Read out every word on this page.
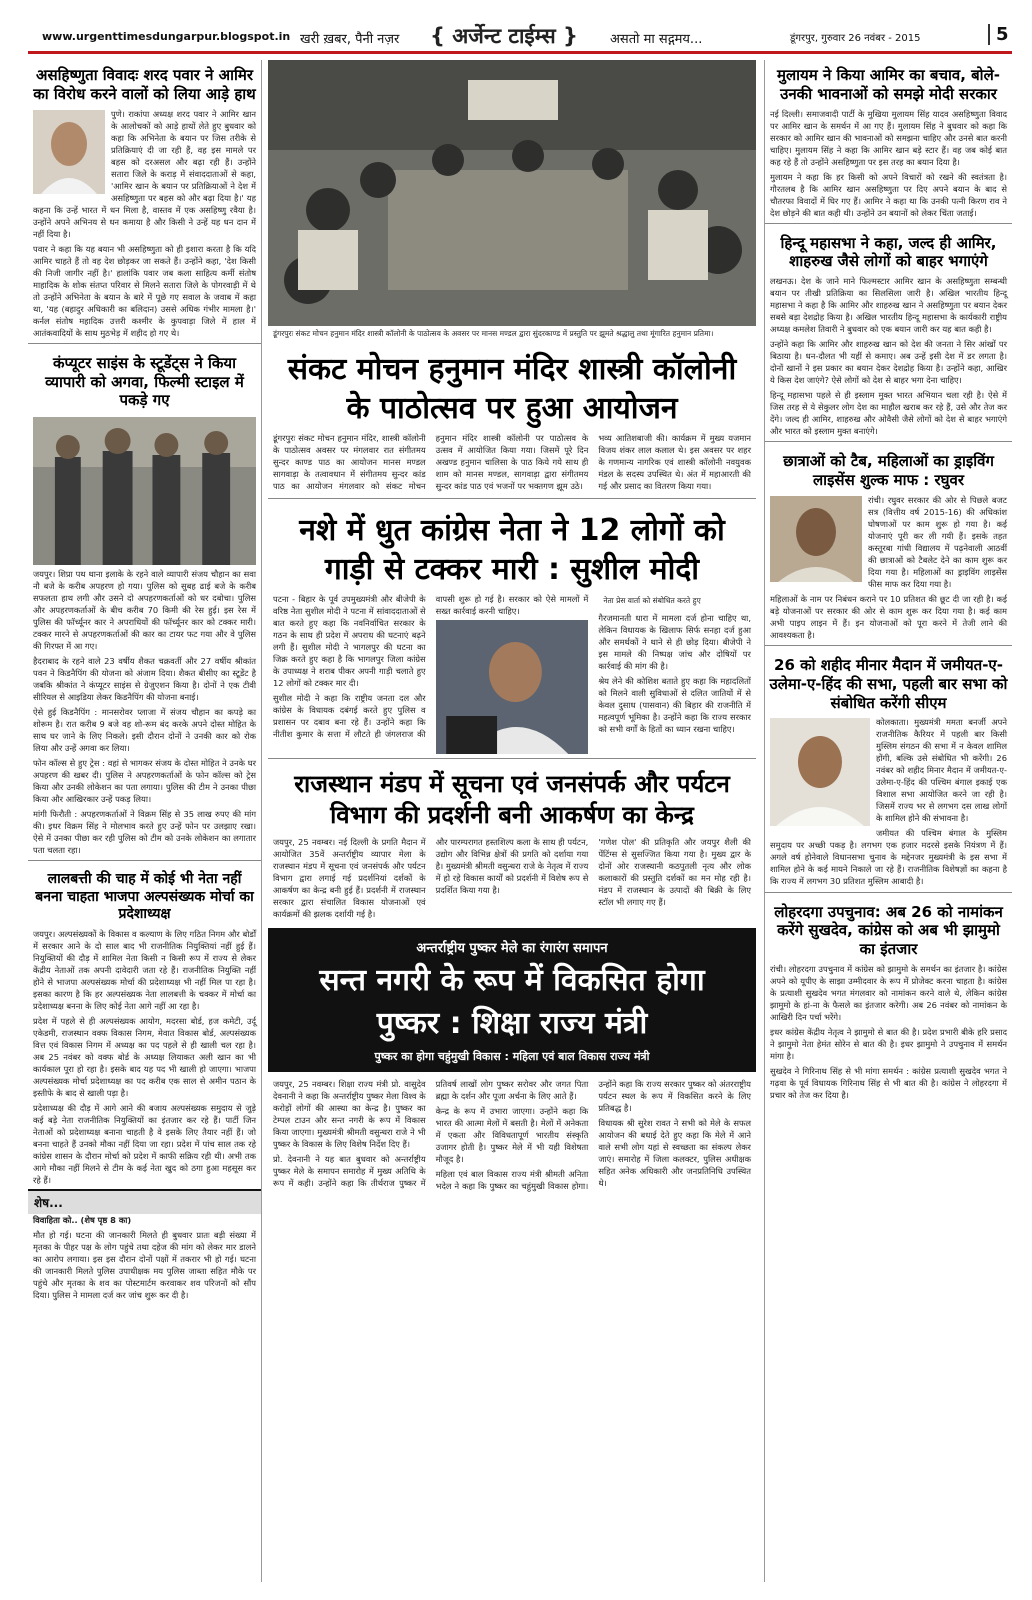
www.urgenttimesdungarpur.blogspot.in खरी ख़बर, पैनी नज़र { अर्जेन्ट टाईम्स } असतो मा सद्गमय...	डूंगरपुर, गुरुवार 26 नवंबर - 2015	5
असहिष्णुता विवादः शरद पवार ने आमिर का विरोध करने वालों को लिया आड़े हाथ

पुणे। राकांपा अध्यक्ष शरद पवार ने आमिर खान के आलोचकों को आड़े हाथों लेते हुए बुधवार को कहा कि अभिनेता के बयान पर जिस तरीके से प्रतिक्रियाएं दी जा रही हैं, वह इस मामले पर बहस को दरअसल और बढ़ा रही हैं। उन्होंने सतारा जिले के कराड़ में संवाददाताओं से कहा, 'आमिर खान के बयान पर प्रतिक्रियाओं ने देश में असहिष्णुता पर बहस को और बढ़ा दिया है।' यह कहना कि उन्हें भारत में धन मिला है, वास्तव में एक असहिष्णु रवैया है। उन्होंने अपने अभिनय से धन कमाया है और किसी ने उन्हें यह धन दान में नहीं दिया है।

पवार ने कहा कि यह बयान भी असहिष्णुता को ही इशारा करता है कि यदि आमिर चाहते हैं तो वह देश छोड़कर जा सकते हैं। उन्होंने कहा, 'देश किसी की निजी जागीर नहीं है।' हालांकि पवार जब कला साहित्य कर्मी संतोष माहादिक के शोक संतप्त परिवार से मिलने सतारा जिले के पोगरवाड़ी में थे तो उन्होंने अभिनेता के बयान के बारे में पूछे गए सवाल के जवाब में कहा था, 'यह (बहादुर अधिकारी का बलिदान) उससे अधिक गंभीर मामला है।' कर्नल संतोष महादिक उत्तरी कश्मीर के कुपवाड़ा जिले में हाल में आतंकवादियों के साथ मुठभेड़ में शहीद हो गए थे।

कंप्यूटर साइंस के स्टूडेंट्स ने किया व्यापारी को अगवा, फिल्मी स्टाइल में पकड़े गए

जयपुर। शिप्रा पथ थाना इलाके के रहने वाले व्यापारी संजय चौहान का सवा नौ बजे के करीब अपहरण हो गया। पुलिस को सुबह ढाई बजे के करीब सफलता हाथ लगी और उसने दो अपहरणकर्ताओं को धर दबोचा। पुलिस और अपहरणकर्ताओं के बीच करीब 70 किमी की रेस हुई। इस रेस में पुलिस की फॉर्च्यूनर कार ने अपराधियों की फॉर्च्यूनर कार को टक्कर मारी। टक्कर मारने से अपहरणकर्ताओं की कार का टायर फट गया और वे पुलिस की गिरफ्त में आ गए।

हैदराबाद के रहने वाले 23 वर्षीय शैकत चक्रवर्ती और 27 वर्षीय श्रीकांत पवन ने किडनैपिंग की योजना को अंजाम दिया। शैकत बीसीए का स्टूडेंट है जबकि श्रीकांत ने कंप्यूटर साइंस से ग्रेजुएशन किया है। दोनों ने एक टीवी सीरियल से आइडिया लेकर किडनैपिंग की योजना बनाई।

ऐसे हुई किडनैपिंग : मानसरोवर प्लाजा में संजय चौहान का कपड़े का शोरूम है। रात करीब 9 बजे वह शो-रूम बंद करके अपने दोस्त मोहित के साथ घर जाने के लिए निकले। इसी दौरान दोनों ने उनकी कार को रोक लिया और उन्हें अगवा कर लिया।

फोन कॉल्स से हुए ट्रेस : वहां से भागकर संजय के दोस्त मोहित ने उनके घर अपहरण की खबर दी। पुलिस ने अपहरणकर्ताओं के फोन कॉल्स को ट्रेस किया और उनकी लोकेशन का पता लगाया। पुलिस की टीम ने उनका पीछा किया और आखिरकार उन्हें पकड़ लिया।

मांगी फिरौती : अपहरणकर्ताओं ने विक्रम सिंह से 35 लाख रुपए की मांग की। इधर विक्रम सिंह ने मोलभाव करते हुए उन्हें फोन पर उलझाए रखा। ऐसे में उनका पीछा कर रही पुलिस को टीम को उनके लोकेशन का लगातार पता चलता रहा।

लालबत्ती की चाह में कोई भी नेता नहीं बनना चाहता भाजपा अल्पसंख्यक मोर्चा का प्रदेशाध्यक्ष

जयपुर। अल्पसंख्यकों के विकास व कल्याण के लिए गठित निगम और बोर्डों में सरकार आने के दो साल बाद भी राजनीतिक नियुक्तियां नहीं हुई हैं। नियुक्तियों की दौड़ में शामिल नेता किसी न किसी रूप में राज्य से लेकर केंद्रीय नेताओं तक अपनी दावेदारी जता रहे हैं। राजनीतिक नियुक्ति नहीं होने से भाजपा अल्पसंख्यक मोर्चा की प्रदेशाध्यक्ष भी नहीं मिल पा रहा है। इसका कारण है कि हर अल्पसंख्यक नेता लालबत्ती के चक्कर में मोर्चा का प्रदेशाध्यक्ष बनना के लिए कोई नेता आगे नहीं आ रहा है।

प्रदेश में पहले से ही अल्पसंख्यक आयोग, मदरसा बोर्ड, हज कमेटी, उर्दू एकेडमी, राजस्थान वक्फ विकास निगम, मेवात विकास बोर्ड, अल्पसंख्यक वित्त एवं विकास निगम में अध्यक्ष का पद पहले से ही खाली चल रहा है। अब 25 नवंबर को वक्फ बोर्ड के अध्यक्ष लियाकत अली खान का भी कार्यकाल पूरा हो रहा है। इसके बाद यह पद भी खाली हो जाएगा। भाजपा अल्पसंख्यक मोर्चा प्रदेशाध्यक्ष का पद करीब एक साल से अमीन पठान के इस्तीफे के बाद से खाली पड़ा है।

प्रदेशाध्यक्ष की दौड़ में आगे आने की बजाय अल्पसंख्यक समुदाय से जुड़े कई बड़े नेता राजनीतिक नियुक्तियों का इंतजार कर रहे हैं। पार्टी जिन नेताओं को प्रदेशाध्यक्ष बनाना चाहती है वे इसके लिए तैयार नहीं हैं। जो बनना चाहते हैं उनको मौका नहीं दिया जा रहा। प्रदेश में पांच साल तक रहे कांग्रेस शासन के दौरान मोर्चा को प्रदेश में काफी सक्रिय रही थी। अभी तक आगे मौका नहीं मिलने से टीम के कई नेता खुद को ठगा हुआ महसूस कर रहे हैं।

शेष...

विवाहिता को.. (शेष पृष्ठ 8 का)

मौत हो गई। घटना की जानकारी मिलते ही बुधवार प्रातः बड़ी संख्या में मृतका के पीहर पक्ष के लोग पहुंचे तथा दहेज की मांग को लेकर मार डालने का आरोप लगाया। इस इस दौरान दोनों पक्षों में तकरार भी हो गई। घटना की जानकारी मिलते पुलिस उपाधीक्षक मय पुलिस जाब्ता सहित मौके पर पहुंचे और मृतका के शव का पोस्टमार्टम करवाकर शव परिजनों को सौंप दिया। पुलिस ने मामला दर्ज कर जांच शुरू कर दी है।

डूंगरपुरः संकट मोचन हनुमान मंदिर शास्त्री कॉलोनी के पाठोत्सव के अवसर पर मानस मण्डल द्वारा सुंदरकाण्ड में प्रस्तुति पर झूमते श्रद्धालु तथा मूंगारित हनुमान प्रतिमा।
संकट मोचन हनुमान मंदिर शास्त्री कॉलोनी के पाठोत्सव पर हुआ आयोजन

डूंगरपुरः संकट मोचन हनुमान मंदिर, शास्त्री कॉलोनी के पाठोत्सव अवसर पर मंगलवार रात संगीतमय सुन्दर काण्ड पाठ का आयोजन मानस मण्डल सागवाड़ा के तत्वावधान में संगीतमय सुन्दर कांड पाठ का आयोजन मंगलवार को संकट मोचन हनुमान मंदिर शास्त्री कॉलोनी पर पाठोत्सव के उत्सव में आयोजित किया गया। जिसमें पूरे दिन अखण्ड हनुमान चालिसा के पाठ किये गये साथ ही शाम को मानस मण्डल, सागवाड़ा द्वारा संगीतमय सुन्दर कांड पाठ एवं भजनों पर भक्तगण झूम उठे।

भव्य आतिशबाजी की। कार्यक्रम में मुख्य यजमान विजय शंकर लाल कलाल थे। इस अवसर पर शहर के गणमान्य नागरिक एवं शास्त्री कॉलोनी नवयुवक मंडल के सदस्य उपस्थित थे। अंत में महाआरती की गई और प्रसाद का वितरण किया गया।

नशे में धुत कांग्रेस नेता ने 12 लोगों को गाड़ी से टक्कर मारी : सुशील मोदी

पटना - बिहार के पूर्व उपमुख्यमंत्री और बीजेपी के वरिष्ठ नेता सुशील मोदी ने पटना में सांवाददाताओं से बात करते हुए कहा कि नवनिर्वाचित सरकार के गठन के साथ ही प्रदेश में अपराध की घटनाएं बढ़ने लगी हैं। सुशील मोदी ने भागलपुर की घटना का जिक्र करते हुए कहा है कि भागलपुर जिला कांग्रेस के उपाध्यक्ष ने शराब पीकर अपनी गाड़ी चलाते हुए 12 लोगों को टक्कर मार दी।

सुशील मोदी ने कहा कि राष्ट्रीय जनता दल और कांग्रेस के विधायक दबंगई करते हुए पुलिस व प्रशासन पर दबाव बना रहे हैं। उन्होंने कहा कि नीतीश कुमार के सत्ता में लौटते ही जंगलराज की वापसी शुरू हो गई है। सरकार को ऐसे मामलों में सख्त कार्रवाई करनी चाहिए।

नेता प्रेस वार्ता को संबोधित करते हुए

गैरजमानती धारा में मामला दर्ज होना चाहिए था, लेकिन विधायक के खिलाफ सिर्फ सनहा दर्ज हुआ और समर्थकों ने थाने से ही छोड़ दिया। बीजेपी ने इस मामले की निष्पक्ष जांच और दोषियों पर कार्रवाई की मांग की है।

श्रेय लेने की कोशिश बताते हुए कहा कि महादलितों को मिलने वाली सुविधाओं से दलित जातियों में से केवल दुसाध (पासवान) की बिहार की राजनीति में महत्वपूर्ण भूमिका है। उन्होंने कहा कि राज्य सरकार को सभी वर्गों के हितों का ध्यान रखना चाहिए।

राजस्थान मंडप में सूचना एवं जनसंपर्क और पर्यटन विभाग की प्रदर्शनी बनी आकर्षण का केन्द्र

जयपुर, 25 नवम्बर। नई दिल्ली के प्रगति मैदान में आयोजित 35वें अन्तर्राष्ट्रीय व्यापार मेला के राजस्थान मंडप में सूचना एवं जनसंपर्क और पर्यटन विभाग द्वारा लगाई गई प्रदर्शनियां दर्शकों के आकर्षण का केन्द्र बनी हुई हैं। प्रदर्शनी में राजस्थान सरकार द्वारा संचालित विकास योजनाओं एवं कार्यक्रमों की झलक दर्शायी गई है।

और पारम्परागत हस्तशिल्प कला के साथ ही पर्यटन, उद्योग और विभिन्न क्षेत्रों की प्रगति को दर्शाया गया है। मुख्यमंत्री श्रीमती वसुन्धरा राजे के नेतृत्व में राज्य में हो रहे विकास कार्यों को प्रदर्शनी में विशेष रूप से प्रदर्शित किया गया है।

'गणेश पोल' की प्रतिकृति और जयपुर शैली की पेंटिंग्स से सुसज्जित किया गया है। मुख्य द्वार के दोनों ओर राजस्थानी कठपुतली नृत्य और लोक कलाकारों की प्रस्तुति दर्शकों का मन मोह रही है। मंडप में राजस्थान के उत्पादों की बिक्री के लिए स्टॉल भी लगाए गए हैं।

अन्तर्राष्ट्रीय पुष्कर मेले का रंगारंग समापन
सन्त नगरी के रूप में विकसित होगा
पुष्कर : शिक्षा राज्य मंत्री
पुष्कर का होगा चहुंमुखी विकास : महिला एवं बाल विकास राज्य मंत्री

जयपुर, 25 नवम्बर। शिक्षा राज्य मंत्री प्रो. वासुदेव देवनानी ने कहा कि अन्तर्राष्ट्रीय पुष्कर मेला विश्व के करोड़ों लोगों की आस्था का केन्द्र है। पुष्कर का टेम्पल टाउन और सन्त नगरी के रूप में विकास किया जाएगा। मुख्यमंत्री श्रीमती वसुन्धरा राजे ने भी पुष्कर के विकास के लिए विशेष निर्देश दिए हैं।

प्रो. देवनानी ने यह बात बुधवार को अन्तर्राष्ट्रीय पुष्कर मेले के समापन समारोह में मुख्य अतिथि के रूप में कही। उन्होंने कहा कि तीर्थराज पुष्कर में प्रतिवर्ष लाखों लोग पुष्कर सरोवर और जगत पिता ब्रह्मा के दर्शन और पूजा अर्चना के लिए आते हैं।

केन्द्र के रूप में उभारा जाएगा। उन्होंने कहा कि भारत की आत्मा मेलों में बसती है। मेलों में अनेकता में एकता और विविधतापूर्ण भारतीय संस्कृति उजागर होती है। पुष्कर मेले में भी यही विशेषता मौजूद है।

महिला एवं बाल विकास राज्य मंत्री श्रीमती अनिता भदेल ने कहा कि पुष्कर का चहुंमुखी विकास होगा। उन्होंने कहा कि राज्य सरकार पुष्कर को अंतरराष्ट्रीय पर्यटन स्थल के रूप में विकसित करने के लिए प्रतिबद्ध है।

विधायक श्री सुरेश रावत ने सभी को मेले के सफल आयोजन की बधाई देते हुए कहा कि मेले में आने वाले सभी लोग यहां से स्वच्छता का संकल्प लेकर जाएं। समारोह में जिला कलक्टर, पुलिस अधीक्षक सहित अनेक अधिकारी और जनप्रतिनिधि उपस्थित थे।

मुलायम ने किया आमिर का बचाव, बोले- उनकी भावनाओं को समझे मोदी सरकार

नई दिल्ली। समाजवादी पार्टी के मुखिया मुलायम सिंह यादव असहिष्णुता विवाद पर आमिर खान के समर्थन में आ गए हैं। मुलायम सिंह ने बुधवार को कहा कि सरकार को आमिर खान की भावनाओं को समझना चाहिए और उनसे बात करनी चाहिए। मुलायम सिंह ने कहा कि आमिर खान बड़े स्टार हैं। वह जब कोई बात कह रहे हैं तो उन्होंने असहिष्णुता पर इस तरह का बयान दिया है।

मुलायम ने कहा कि हर किसी को अपने विचारों को रखने की स्वतंत्रता है। गौरतलब है कि आमिर खान असहिष्णुता पर दिए अपने बयान के बाद से चौतरफा विवादों में घिर गए हैं। आमिर ने कहा था कि उनकी पत्नी किरण राव ने देश छोड़ने की बात कही थी। उन्होंने उन बयानों को लेकर चिंता जताई।

हिन्दू महासभा ने कहा, जल्द ही आमिर, शाहरुख जैसे लोगों को बाहर भगाएंगे

लखनऊ। देश के जाने माने फिल्मस्टार आमिर खान के असहिष्णुता सम्बन्धी बयान पर तीखी प्रतिक्रिया का सिलसिला जारी है। अखिल भारतीय हिन्दू महासभा ने कहा है कि आमिर और शाहरुख खान ने असहिष्णुता पर बयान देकर सबसे बड़ा देशद्रोह किया है। अखिल भारतीय हिन्दू महासभा के कार्यकारी राष्ट्रीय अध्यक्ष कमलेश तिवारी ने बुधवार को एक बयान जारी कर यह बात कही है।

उन्होंने कहा कि आमिर और शाहरुख खान को देश की जनता ने सिर आंखों पर बिठाया है। धन-दौलत भी यहीं से कमाए। अब उन्हें इसी देश में डर लगता है। दोनों खानों ने इस प्रकार का बयान देकर देशद्रोह किया है। उन्होंने कहा, आखिर ये किस देश जाएंगे? ऐसे लोगों को देश से बाहर भगा देना चाहिए।

हिन्दू महासभा पहले से ही इस्लाम मुक्त भारत अभियान चला रही है। ऐसे में जिस तरह से ये सेकुलर लोग देश का माहौल खराब कर रहे हैं, उसे और तेज कर देंगे। जल्द ही आमिर, शाहरुख और ओवैसी जैसे लोगों को देश से बाहर भगाएंगे और भारत को इस्लाम मुक्त बनाएंगे।

छात्राओं को टैब, महिलाओं का ड्राइविंग लाइसेंस शुल्क माफ : रघुवर

रांची। रघुवर सरकार की ओर से पिछले बजट सत्र (वित्तीय वर्ष 2015-16) की अधिकांश घोषणाओं पर काम शुरू हो गया है। कई योजनाएं पूरी कर ली गयी हैं। इसके तहत कस्तूरबा गांधी विद्यालय में पढ़नेवाली आठवीं की छात्राओं को टैबलेट देने का काम शुरू कर दिया गया है। महिलाओं का ड्राइविंग लाइसेंस फीस माफ कर दिया गया है।

महिलाओं के नाम पर निबंधन कराने पर 10 प्रतिशत की छूट दी जा रही है। कई बड़े योजनाओं पर सरकार की ओर से काम शुरू कर दिया गया है। कई काम अभी पाइप लाइन में हैं। इन योजनाओं को पूरा करने में तेजी लाने की आवश्यकता है।

26 को शहीद मीनार मैदान में जमीयत-ए-उलेमा-ए-हिंद की सभा, पहली बार सभा को संबोधित करेंगी सीएम

कोलकाता। मुख्यमंत्री ममता बनर्जी अपने राजनीतिक कैरियर में पहली बार किसी मुस्लिम संगठन की सभा में न केवल शामिल होंगी, बल्कि उसे संबोधित भी करेंगी। 26 नवंबर को शहीद मिनार मैदान में जमीयत-ए-उलेमा-ए-हिंद की पश्चिम बंगाल इकाई एक विशाल सभा आयोजित करने जा रही है। जिसमें राज्य भर से लगभग दस लाख लोगों के शामिल होने की संभावना है।

जमीयत की पश्चिम बंगाल के मुस्लिम समुदाय पर अच्छी पकड़ है। लगभग एक हजार मदरसे इसके नियंत्रण में हैं। अगले वर्ष होनेवाले विधानसभा चुनाव के मद्देनजर मुख्यमंत्री के इस सभा में शामिल होने के कई मायने निकाले जा रहे हैं। राजनीतिक विशेषज्ञों का कहना है कि राज्य में लगभग 30 प्रतिशत मुस्लिम आबादी है।

लोहरदगा उपचुनाव: अब 26 को नामांकन करेंगे सुखदेव, कांग्रेस को अब भी झामुमो का इंतजार

रांची। लोहरदगा उपचुनाव में कांग्रेस को झामुमो के समर्थन का इंतजार है। कांग्रेस अपने को यूपीए के साझा उम्मीदवार के रूप में प्रोजेक्ट करना चाहता है। कांग्रेस के प्रत्याशी सुखदेव भगत मंगलवार को नामांकन करने वाले थे, लेकिन कांग्रेस झामुमो के हां-ना के फैसले का इंतजार करेगी। अब 26 नवंबर को नामांकन के आखिरी दिन पर्चा भरेंगे।

इधर कांग्रेस केंद्रीय नेतृत्व ने झामुमो से बात की है। प्रदेश प्रभारी बीके हरि प्रसाद ने झामुमो नेता हेमंत सोरेन से बात की है। इधर झामुमो ने उपचुनाव में समर्थन मांगा है।

सुखदेव ने गिरिनाथ सिंह से भी मांगा समर्थन : कांग्रेस प्रत्याशी सुखदेव भगत ने गढ़वा के पूर्व विधायक गिरिनाथ सिंह से भी बात की है। कांग्रेस ने लोहरदगा में प्रचार को तेज कर दिया है।
